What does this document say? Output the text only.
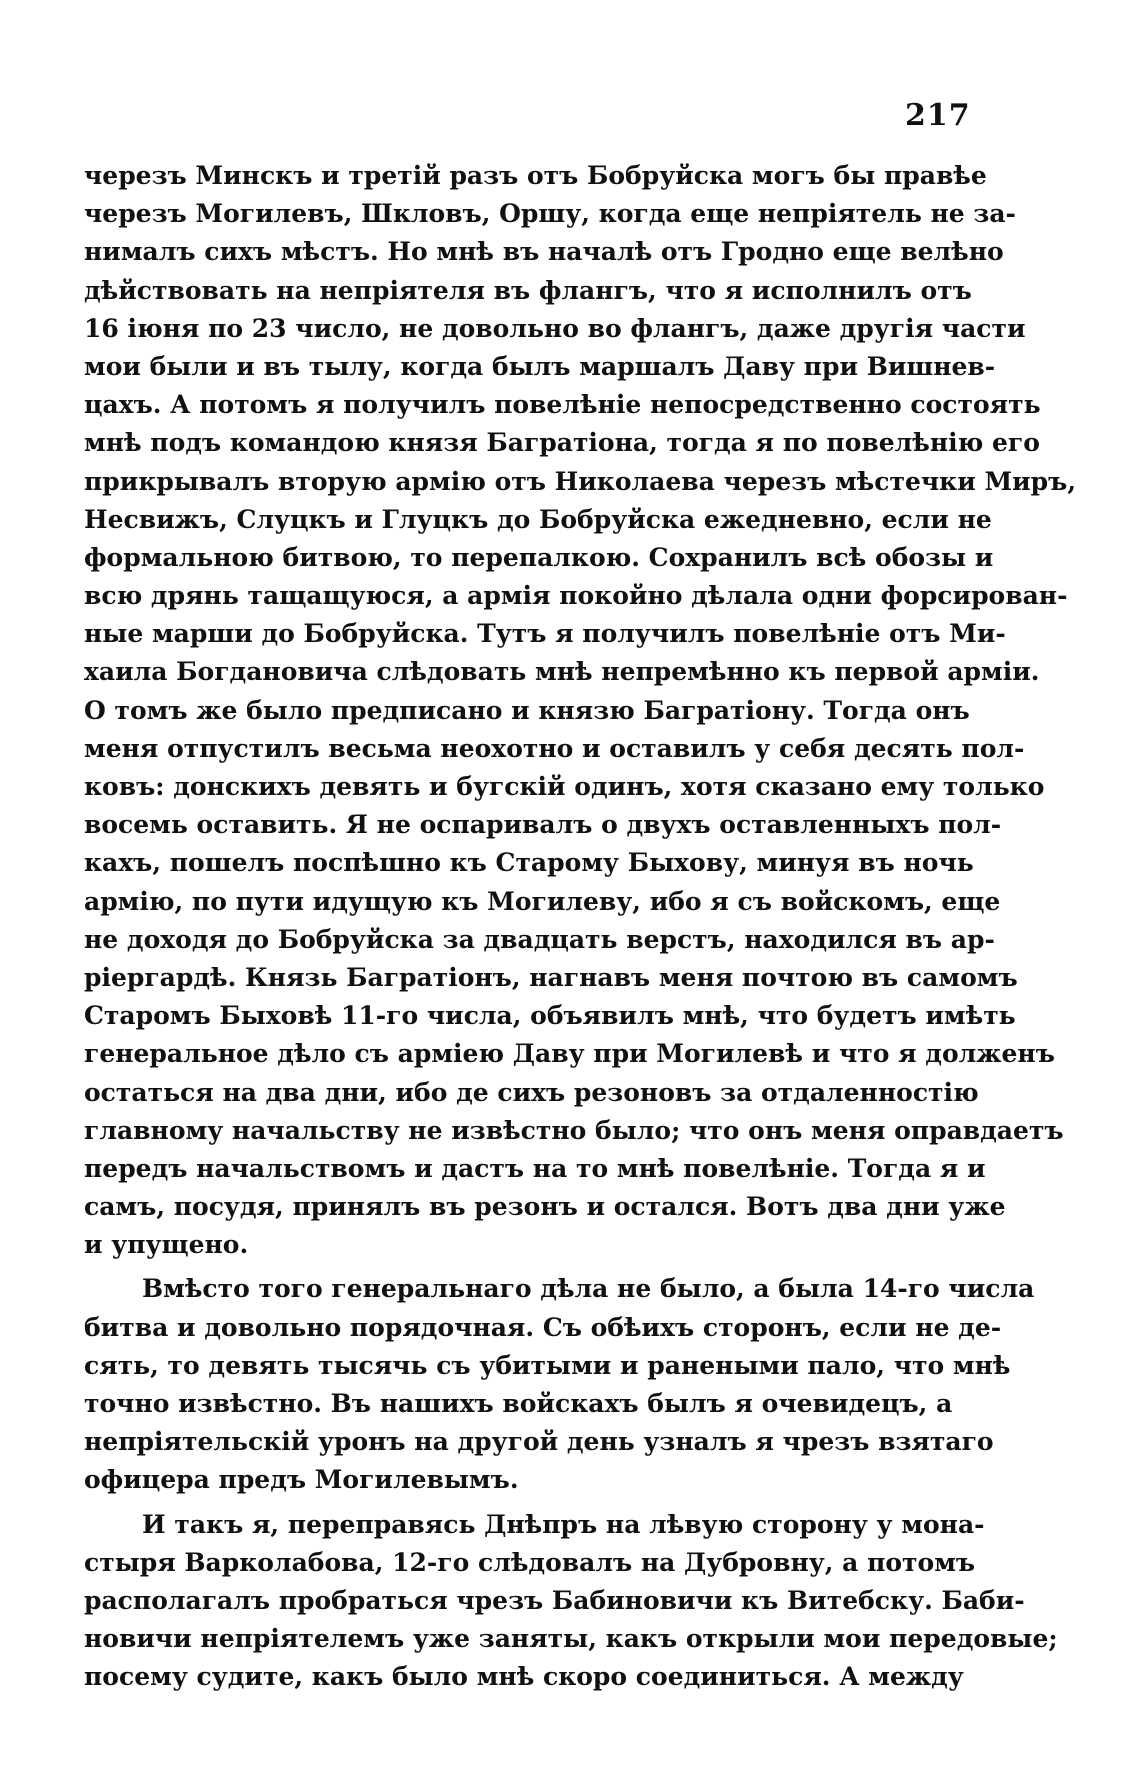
217
черезъ Минскъ и третій разъ отъ Бобруйска могъ бы правѣе
черезъ Могилевъ, Шкловъ, Оршу, когда еще непріятель не за-
нималъ сихъ мѣстъ. Но мнѣ въ началѣ отъ Гродно еще велѣно
дѣйствовать на непріятеля въ флангъ, что я исполнилъ отъ
16 іюня по 23 число, не довольно во флангъ, даже другія части
мои были и въ тылу, когда былъ маршалъ Даву при Вишнев-
цахъ. А потомъ я получилъ повелѣніе непосредственно состоять
мнѣ подъ командою князя Багратіона, тогда я по повелѣнію его
прикрывалъ вторую армію отъ Николаева черезъ мѣстечки Миръ,
Несвижъ, Слуцкъ и Глуцкъ до Бобруйска ежедневно, если не
формальною битвою, то перепалкою. Сохранилъ всѣ обозы и
всю дрянь тащащуюся, а армія покойно дѣлала одни форсирован-
ные марши до Бобруйска. Тутъ я получилъ повелѣніе отъ Ми-
хаила Богдановича слѣдовать мнѣ непремѣнно къ первой арміи.
О томъ же было предписано и князю Багратіону. Тогда онъ
меня отпустилъ весьма неохотно и оставилъ у себя десять пол-
ковъ: донскихъ девять и бугскій одинъ, хотя сказано ему только
восемь оставить. Я не оспаривалъ о двухъ оставленныхъ пол-
кахъ, пошелъ поспѣшно къ Старому Быхову, минуя въ ночь
армію, по пути идущую къ Могилеву, ибо я съ войскомъ, еще
не доходя до Бобруйска за двадцать верстъ, находился въ ар-
ріергардѣ. Князь Багратіонъ, нагнавъ меня почтою въ самомъ
Старомъ Быховѣ 11-го числа, объявилъ мнѣ, что будетъ имѣть
генеральное дѣло съ арміею Даву при Могилевѣ и что я долженъ
остаться на два дни, ибо де сихъ резоновъ за отдаленностію
главному начальству не извѣстно было; что онъ меня оправдаетъ
передъ начальствомъ и дастъ на то мнѣ повелѣніе. Тогда я и
самъ, посудя, принялъ въ резонъ и остался. Вотъ два дни уже
и упущено.
Вмѣсто того генеральнаго дѣла не было, а была 14-го числа
битва и довольно порядочная. Съ обѣихъ сторонъ, если не де-
сять, то девять тысячь съ убитыми и ранеными пало, что мнѣ
точно извѣстно. Въ нашихъ войскахъ былъ я очевидецъ, а
непріятельскій уронъ на другой день узналъ я чрезъ взятаго
офицера предъ Могилевымъ.
И такъ я, переправясь Днѣпръ на лѣвую сторону у мона-
стыря Варколабова, 12-го слѣдовалъ на Дубровну, а потомъ
располагалъ пробраться чрезъ Бабиновичи къ Витебску. Баби-
новичи непріятелемъ уже заняты, какъ открыли мои передовые;
посему судите, какъ было мнѣ скоро соединиться. А между
